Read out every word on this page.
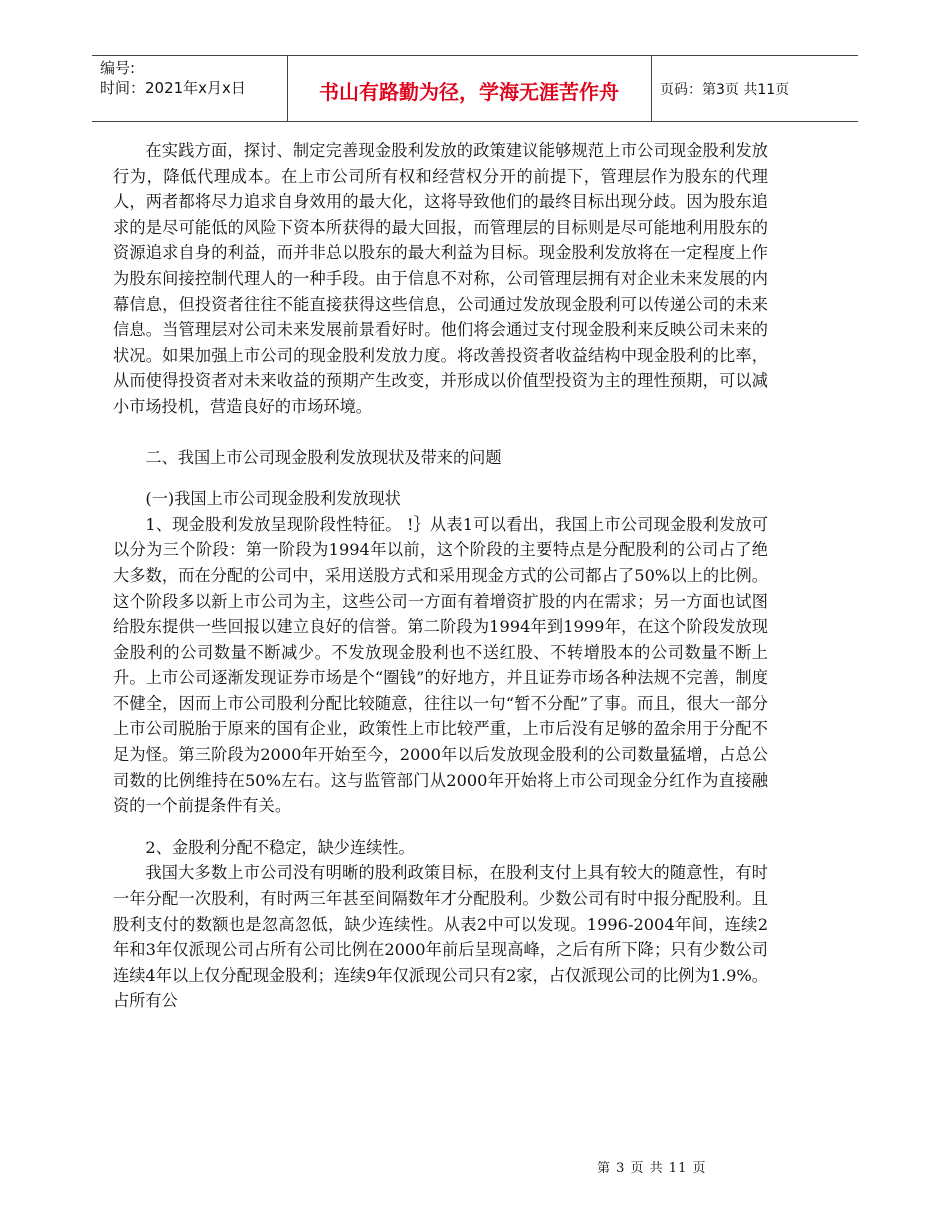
编号:
时间：2021年x月x日	书山有路勤为径，学海无涯苦作舟	页码：第3页 共11页

在实践方面，探讨、制定完善现金股利发放的政策建议能够规范上市公司现金股利发放行为，降低代理成本。在上市公司所有权和经营权分开的前提下，管理层作为股东的代理人，两者都将尽力追求自身效用的最大化，这将导致他们的最终目标出现分歧。因为股东追求的是尽可能低的风险下资本所获得的最大回报，而管理层的目标则是尽可能地利用股东的资源追求自身的利益，而并非总以股东的最大利益为目标。现金股利发放将在一定程度上作为股东间接控制代理人的一种手段。由于信息不对称，公司管理层拥有对企业未来发展的内幕信息，但投资者往往不能直接获得这些信息，公司通过发放现金股利可以传递公司的未来信息。当管理层对公司未来发展前景看好时。他们将会通过支付现金股利来反映公司未来的状况。如果加强上市公司的现金股利发放力度。将改善投资者收益结构中现金股利的比率，从而使得投资者对未来收益的预期产生改变，并形成以价值型投资为主的理性预期，可以减小市场投机，营造良好的市场环境。

二、我国上市公司现金股利发放现状及带来的问题

(一)我国上市公司现金股利发放现状

1、现金股利发放呈现阶段性特征。 !｝从表1可以看出，我国上市公司现金股利发放可以分为三个阶段：第一阶段为1994年以前，这个阶段的主要特点是分配股利的公司占了绝大多数，而在分配的公司中，采用送股方式和采用现金方式的公司都占了50%以上的比例。这个阶段多以新上市公司为主，这些公司一方面有着增资扩股的内在需求；另一方面也试图给股东提供一些回报以建立良好的信誉。第二阶段为1994年到1999年，在这个阶段发放现金股利的公司数量不断减少。不发放现金股利也不送红股、不转增股本的公司数量不断上升。上市公司逐渐发现证券市场是个“圈钱”的好地方，并且证券市场各种法规不完善，制度不健全，因而上市公司股利分配比较随意，往往以一句“暂不分配”了事。而且，很大一部分上市公司脱胎于原来的国有企业，政策性上市比较严重，上市后没有足够的盈余用于分配不足为怪。第三阶段为2000年开始至今，2000年以后发放现金股利的公司数量猛增，占总公司数的比例维持在50%左右。这与监管部门从2000年开始将上市公司现金分红作为直接融资的一个前提条件有关。

2、金股利分配不稳定，缺少连续性。

我国大多数上市公司没有明晰的股利政策目标，在股利支付上具有较大的随意性，有时一年分配一次股利，有时两三年甚至间隔数年才分配股利。少数公司有时中报分配股利。且股利支付的数额也是忽高忽低，缺少连续性。从表2中可以发现。1996-2004年间，连续2年和3年仅派现公司占所有公司比例在2000年前后呈现高峰，之后有所下降；只有少数公司连续4年以上仅分配现金股利；连续9年仅派现公司只有2家，占仅派现公司的比例为1.9%。占所有公

第 3 页 共 11 页
